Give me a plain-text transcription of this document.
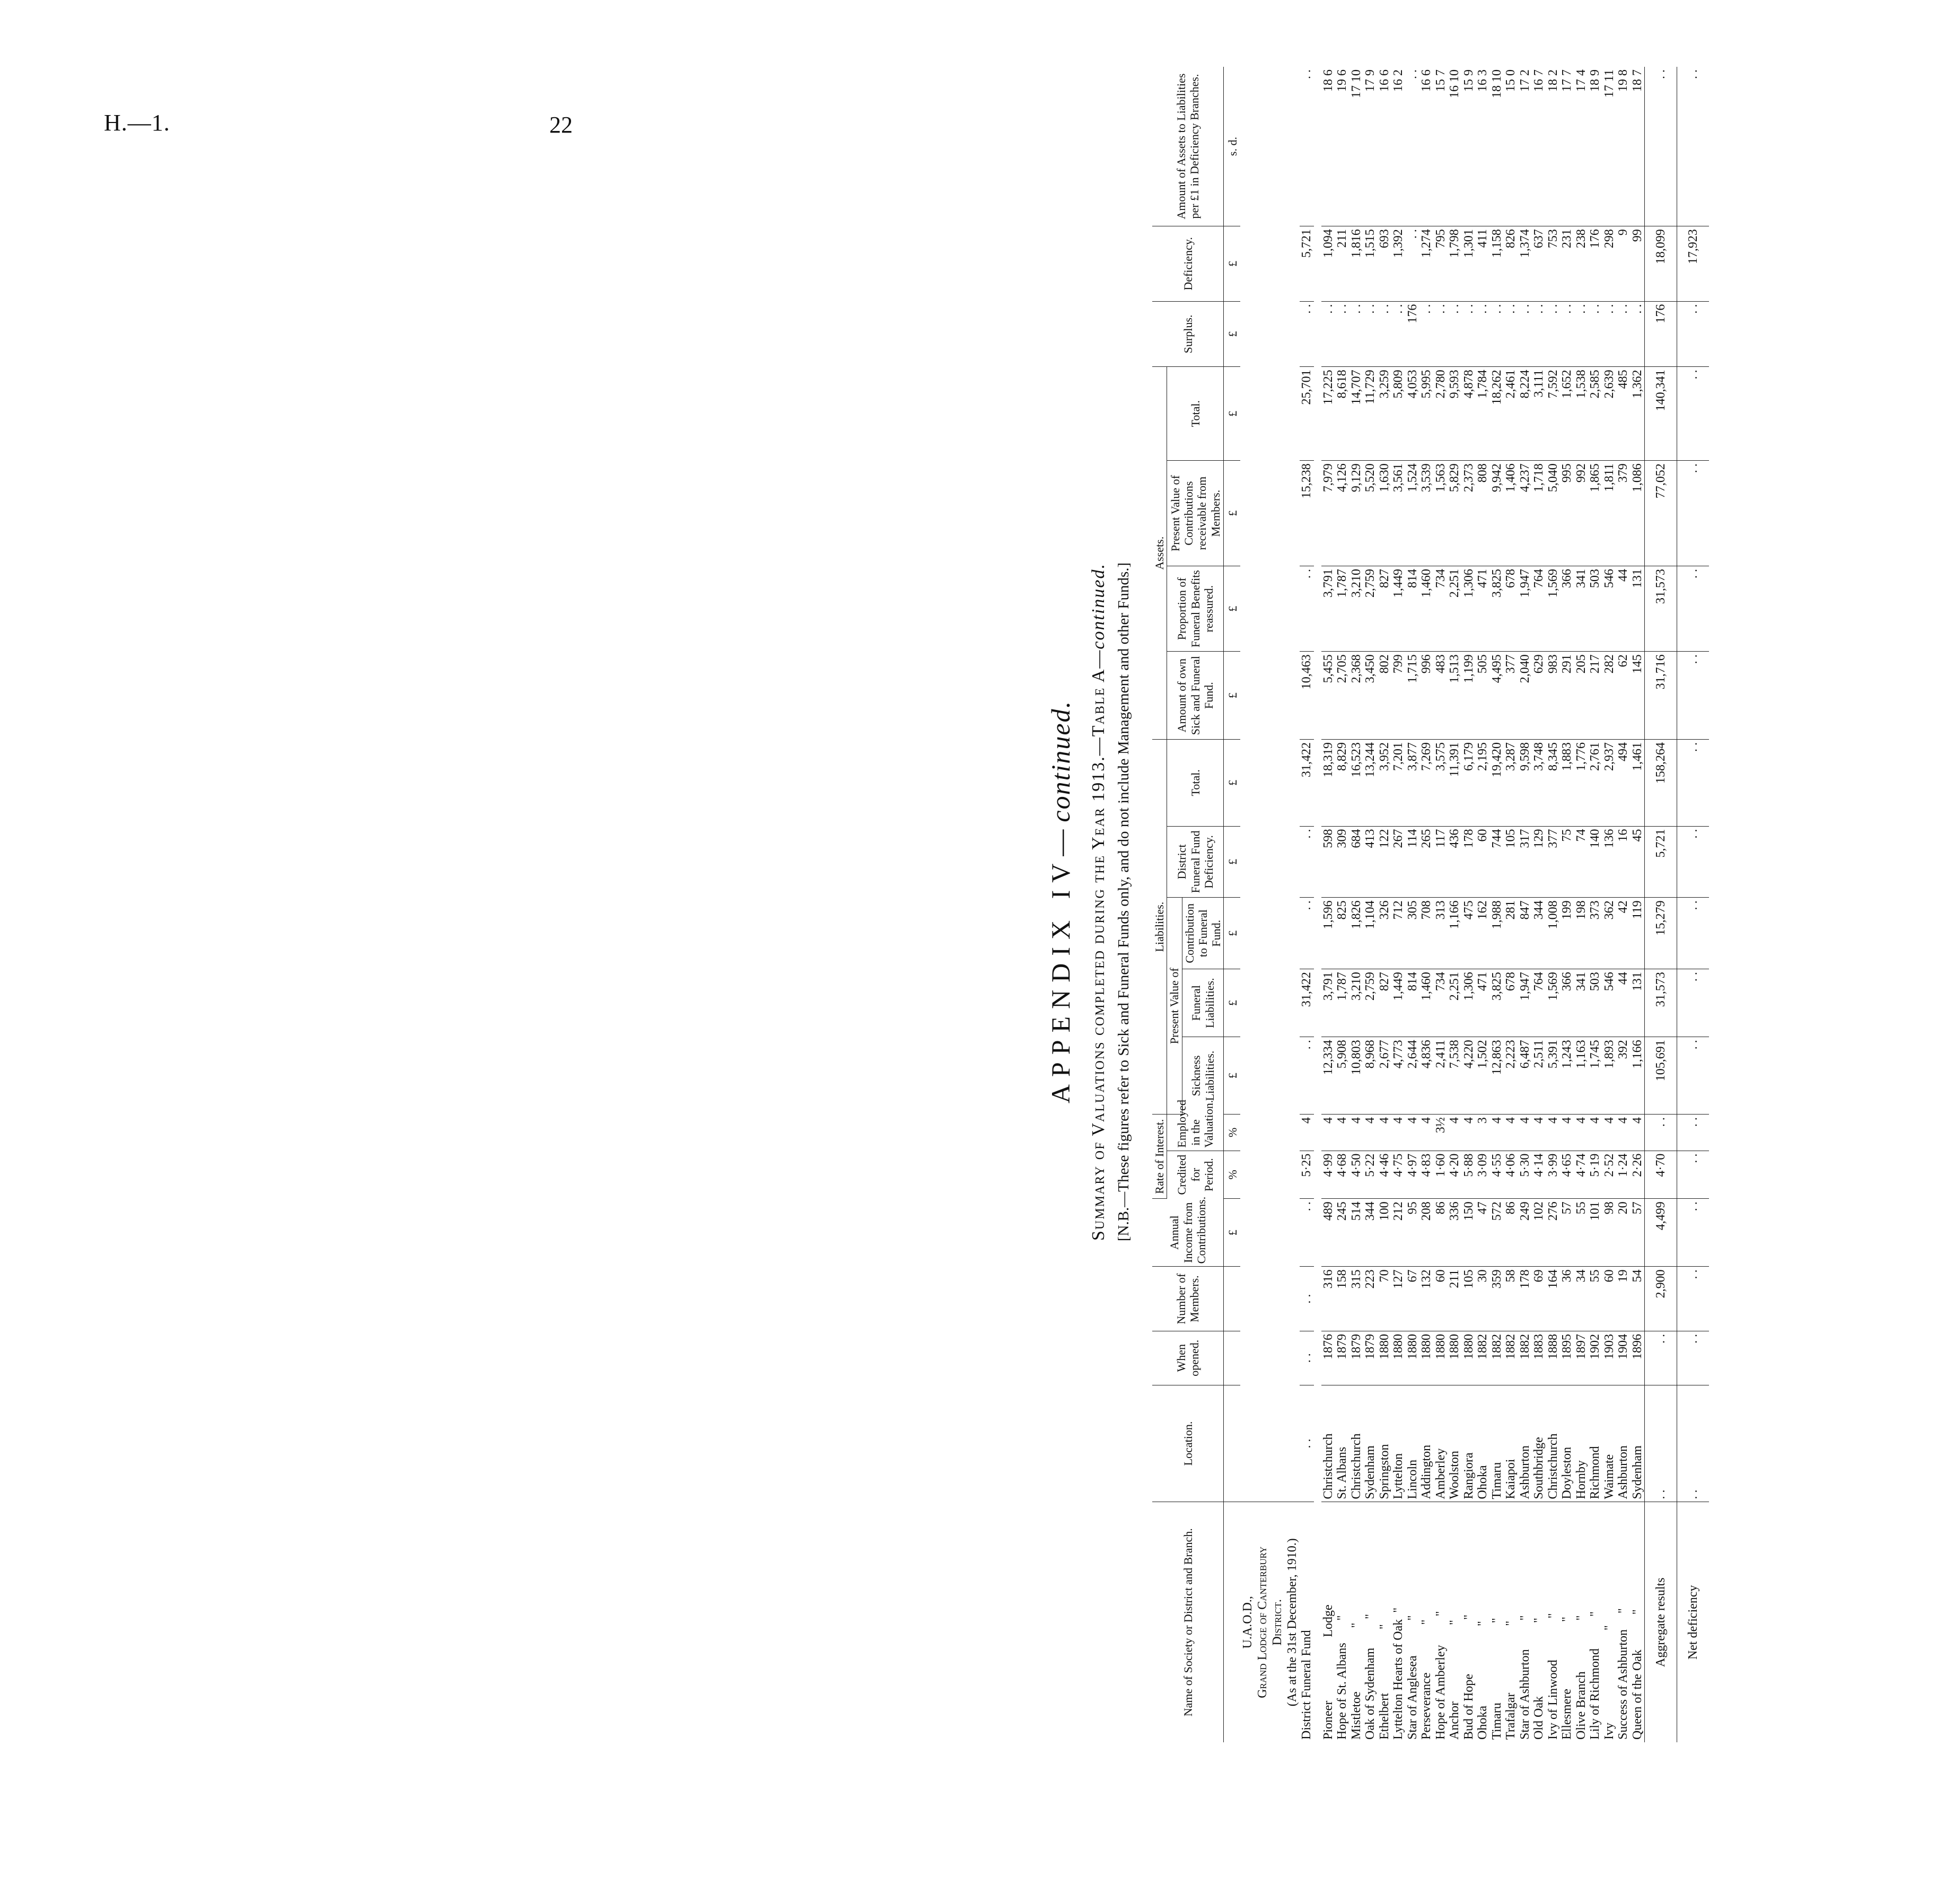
H.—1.	22
APPENDIX IV—continued. Summary of Valuations completed during the Year 1913.—Table A—continued. [N.B.—These figures refer to Sick and Funeral Funds only, and do not include Management and other Funds.]
Name of Society or District and Branch.	Location.	When opened.	Number of Members.	Annual Income from Contributions.	Rate of Interest.		Liabilities.					Assets.				Surplus.	Deficiency.	Amount of Assets to Liabilities per £1 in Deficiency Branches.
					Credited for Period.	Employed in the Valuation.	Present Value of			District Funeral Fund Deficiency.	Total.	Amount of own Sick and Funeral Fund.	Proportion of Funeral Benefits reassured.	Present Value of Contributions receivable from Members.	Total.			
							Sickness Liabilities.	Funeral Liabilities.	Contribution to Funeral Fund.									
				£	%	%	£	£	£	£	£	£	£	£	£	£	£	s. d.
U.A.O.D.,																		
Grand Lodge of Canterbury																		
District.																		
(As at the 31st December, 1910.)																		
District Funeral Fund	. .	. .	. .	. .	5·25	4	. .	31,422	. .	. .	31,422	10,463	. .	15,238	25,701	. .	5,721	. .

Pioneer                    Lodge	Christchurch	1876	316	489	4·99	4	12,334	3,791	1,596	598	18,319	5,455	3,791	7,979	17,225	. .	1,094	18 6
Hope of St. Albans       "	St. Albans	1879	158	245	4·68	4	5,908	1,787	825	309	8,829	2,705	1,787	4,126	8,618	. .	211	19 6
Mistletoe                    "	Christchurch	1879	315	514	4·50	4	10,803	3,210	1,826	684	16,523	2,368	3,210	9,129	14,707	. .	1,816	17 10
Oak of Sydenham         "	Sydenham	1879	223	344	5·22	4	8,968	2,759	1,104	413	13,244	3,450	2,759	5,520	11,729	. .	1,515	17 9
Ethelbert                    "	Springston	1880	70	100	4·46	4	2,677	827	326	122	3,952	802	827	1,630	3,259	. .	693	16 6
Lyttelton Hearts of Oak  "	Lyttelton	1880	127	212	4·75	4	4,773	1,449	712	267	7,201	799	1,449	3,561	5,809	. .	1,392	16 2
Star of Anglesea           "	Lincoln	1880	67	95	4·97	4	2,644	814	305	114	3,877	1,715	814	1,524	4,053	176	. .	. .
Perseverance               "	Addington	1880	132	208	4·83	4	4,836	1,460	708	265	7,269	996	1,460	3,539	5,995	. .	1,274	16 6
Hope of Amberley         "	Amberley	1880	60	86	1·60	3½	2,411	734	313	117	3,575	483	734	1,563	2,780	. .	795	15 7
Anchor                        "	Woolston	1880	211	336	4·20	4	7,538	2,251	1,166	436	11,391	1,513	2,251	5,829	9,593	. .	1,798	16 10
Bud of Hope                 "	Rangiora	1880	105	150	5·88	4	4,220	1,306	475	178	6,179	1,199	1,306	2,373	4,878	. .	1,301	15 9
Ohoka                         "	Ohoka	1882	30	47	3·09	3	1,502	471	162	60	2,195	505	471	808	1,784	. .	411	16 3
Timaru                         "	Timaru	1882	359	572	4·55	4	12,863	3,825	1,988	744	19,420	4,495	3,825	9,942	18,262	. .	1,158	18 10
Trafalgar                     "	Kaiapoi	1882	58	86	4·06	4	2,223	678	281	105	3,287	377	678	1,406	2,461	. .	826	15 0
Star of Ashburton         "	Ashburton	1882	178	249	5·30	4	6,487	1,947	847	317	9,598	2,040	1,947	4,237	8,224	. .	1,374	17 2
Old Oak                       "	Southbridge	1883	69	102	4·14	4	2,511	764	344	129	3,748	629	764	1,718	3,111	. .	637	16 7
Ivy of Linwood             "	Christchurch	1888	164	276	3·99	4	5,391	1,569	1,008	377	8,345	983	1,569	5,040	7,592	. .	753	18 2
Ellesmere                     "	Doyleston	1895	36	57	4·65	4	1,243	366	199	75	1,883	291	366	995	1,652	. .	231	17 7
Olive Branch                "	Hornby	1897	34	55	4·74	4	1,163	341	198	74	1,776	205	341	992	1,538	. .	238	17 4
Lily of Richmond          "	Richmond	1902	55	101	5·19	4	1,745	503	373	140	2,761	217	503	1,865	2,585	. .	176	18 9
Ivy                             "	Waimate	1903	60	98	2·52	4	1,893	546	362	136	2,937	282	546	1,811	2,639	. .	298	17 11
Success of Ashburton     "	Ashburton	1904	19	20	1·24	4	392	44	42	16	494	62	44	379	485	. .	9	19 8
Queen of the Oak           "	Sydenham	1896	54	57	2·26	4	1,166	131	119	45	1,461	145	131	1,086	1,362	. .	99	18 7
Aggregate results	. .	. .	2,900	4,499	4·70	. .	105,691	31,573	15,279	5,721	158,264	31,716	31,573	77,052	140,341	176	18,099	. .
Net deficiency	. .	. .	. .	. .	. .	. .	. .	. .	. .	. .	. .	. .	. .	. .	. .	. .	17,923	. .
